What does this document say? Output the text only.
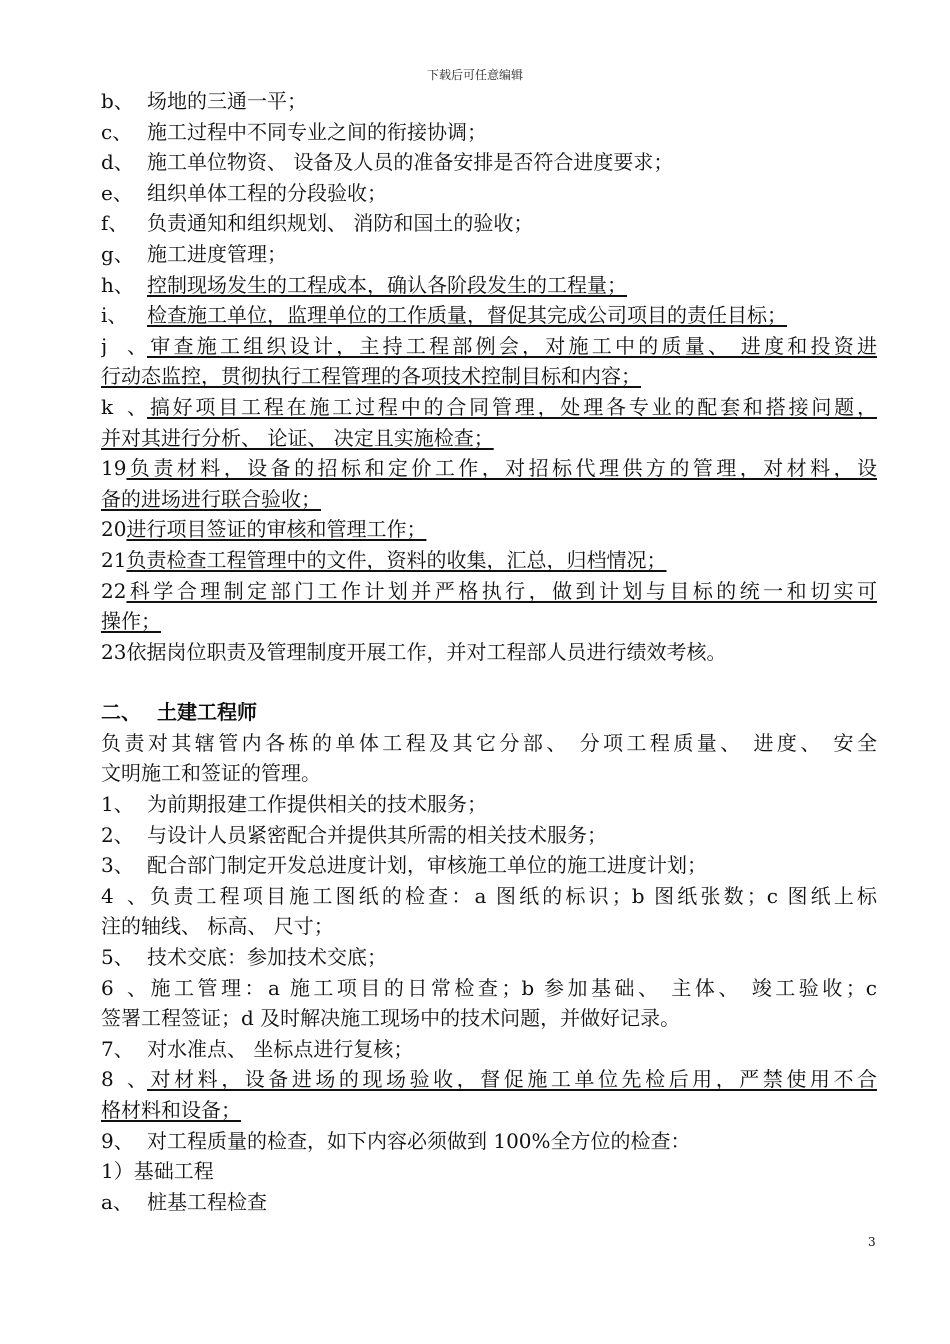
下载后可任意编辑
b、 场地的三通一平；
c、 施工过程中不同专业之间的衔接协调；
d、 施工单位物资、 设备及人员的准备安排是否符合进度要求；
e、 组织单体工程的分段验收；
f、 负责通知和组织规划、 消防和国土的验收；
g、 施工进度管理；
h、 控制现场发生的工程成本，确认各阶段发生的工程量；
i、 检查施工单位，监理单位的工作质量，督促其完成公司项目的责任目标；
j、审查施工组织设计，主持工程部例会，对施工中的质量、 进度和投资进
行动态监控，贯彻执行工程管理的各项技术控制目标和内容；
k、搞好项目工程在施工过程中的合同管理，处理各专业的配套和搭接问题，
并对其进行分析、 论证、 决定且实施检查；
19负责材料，设备的招标和定价工作，对招标代理供方的管理，对材料，设
备的进场进行联合验收；
20进行项目签证的审核和管理工作；
21负责检查工程管理中的文件，资料的收集，汇总，归档情况；
22科学合理制定部门工作计划并严格执行，做到计划与目标的统一和切实可
操作；
23依据岗位职责及管理制度开展工作，并对工程部人员进行绩效考核。
二、 土建工程师
负责对其辖管内各栋的单体工程及其它分部、 分项工程质量、 进度、 安全
文明施工和签证的管理。
1、 为前期报建工作提供相关的技术服务；
2、 与设计人员紧密配合并提供其所需的相关技术服务；
3、 配合部门制定开发总进度计划，审核施工单位的施工进度计划；
4、负责工程项目施工图纸的检查：a 图纸的标识；b 图纸张数；c 图纸上标
注的轴线、 标高、 尺寸；
5、 技术交底：参加技术交底；
6、施工管理：a 施工项目的日常检查；b 参加基础、 主体、 竣工验收；c
签署工程签证；d 及时解决施工现场中的技术问题，并做好记录。
7、 对水准点、 坐标点进行复核；
8、对材料，设备进场的现场验收，督促施工单位先检后用，严禁使用不合
格材料和设备；
9、 对工程质量的检查，如下内容必须做到 100%全方位的检查：
1）基础工程
a、 桩基工程检查
3
